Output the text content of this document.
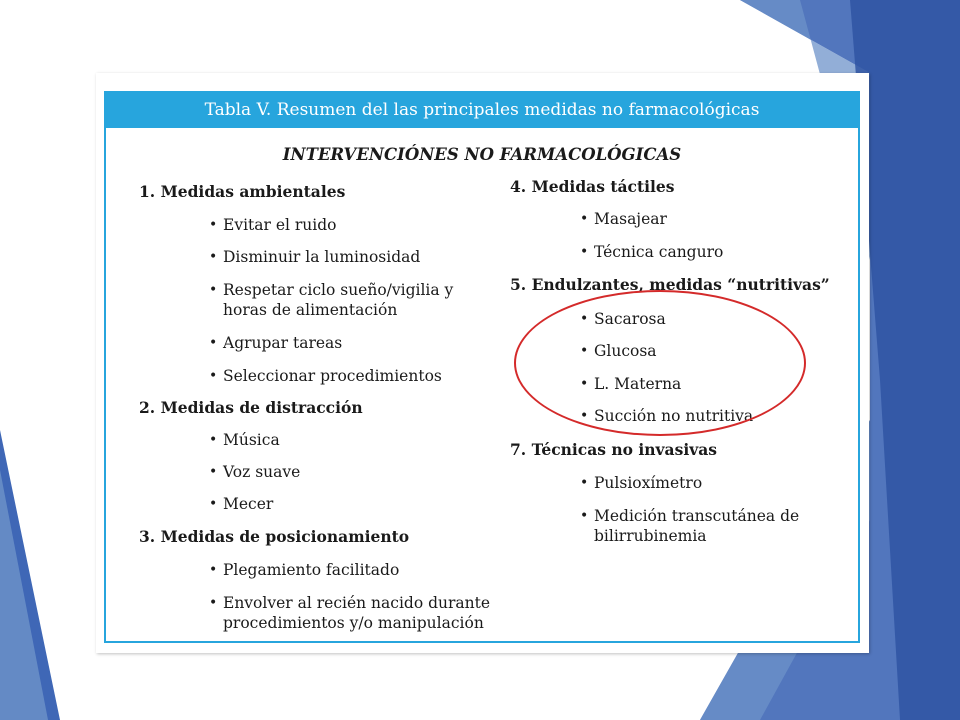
Tabla V. Resumen del las principales medidas no farmacológicas
INTERVENCIÓNES NO FARMACOLÓGICAS
1. Medidas ambientales
• Evitar el ruido
• Disminuir la luminosidad
• Respetar ciclo sueño/vigilia y horas de alimentación
• Agrupar tareas
• Seleccionar procedimientos
2. Medidas de distracción
• Música
• Voz suave
• Mecer
3. Medidas de posicionamiento
• Plegamiento facilitado
• Envolver al recién nacido durante procedimientos y/o manipulación
4. Medidas táctiles
• Masajear
• Técnica canguro
5. Endulzantes, medidas “nutritivas”
• Sacarosa
• Glucosa
• L. Materna
• Succión no nutritiva
7. Técnicas no invasivas
• Pulsioxímetro
• Medición transcutánea de bilirrubinemia
